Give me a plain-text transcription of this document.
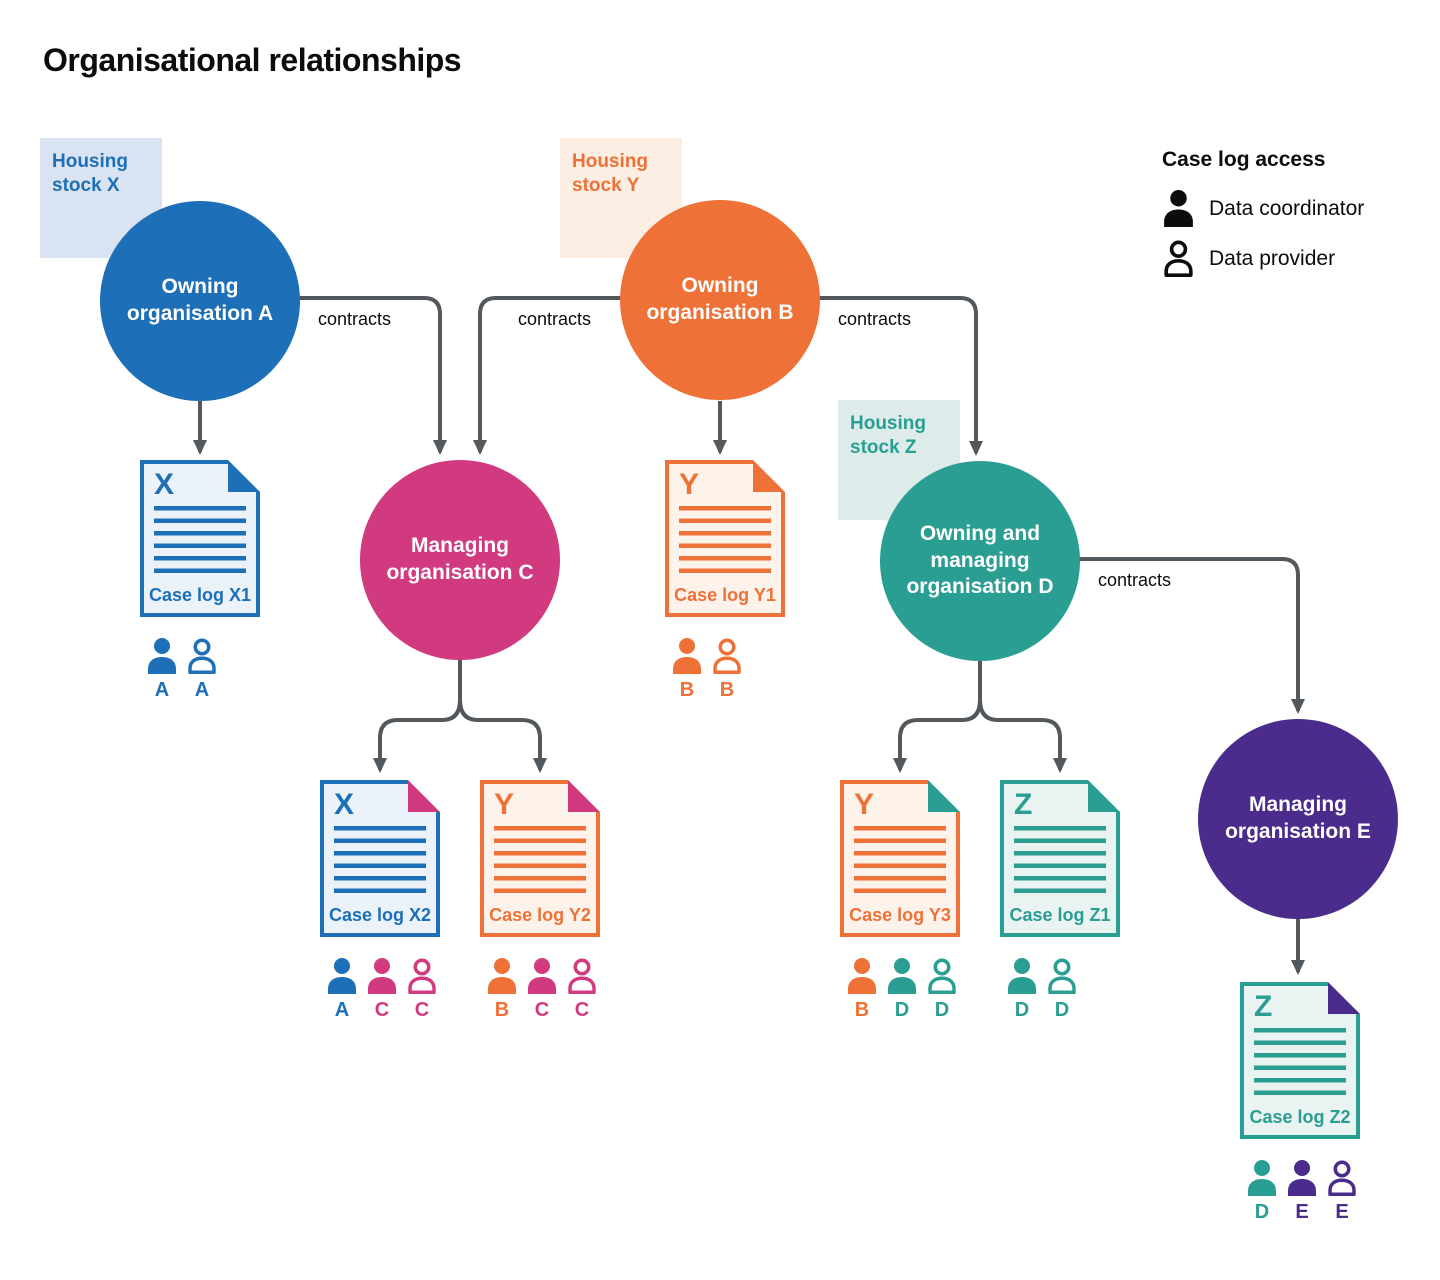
Organisational relationships
Housing stock X
Housing stock Y
Housing stock Z
contracts	contracts	contracts
contracts
Owning organisation A
Owning organisation B
Managing organisation C
Owning and managing organisation D
Managing organisation E
X
Case log X1
A A
Y
Case log Y1
B B
X
Case log X2
A C C
Y
Case log Y2
B C C
Y
Case log Y3
B D D
Z
Case log Z1
D D	Z
Case log Z2
D E E
Case log access
Data coordinator
Data provider
